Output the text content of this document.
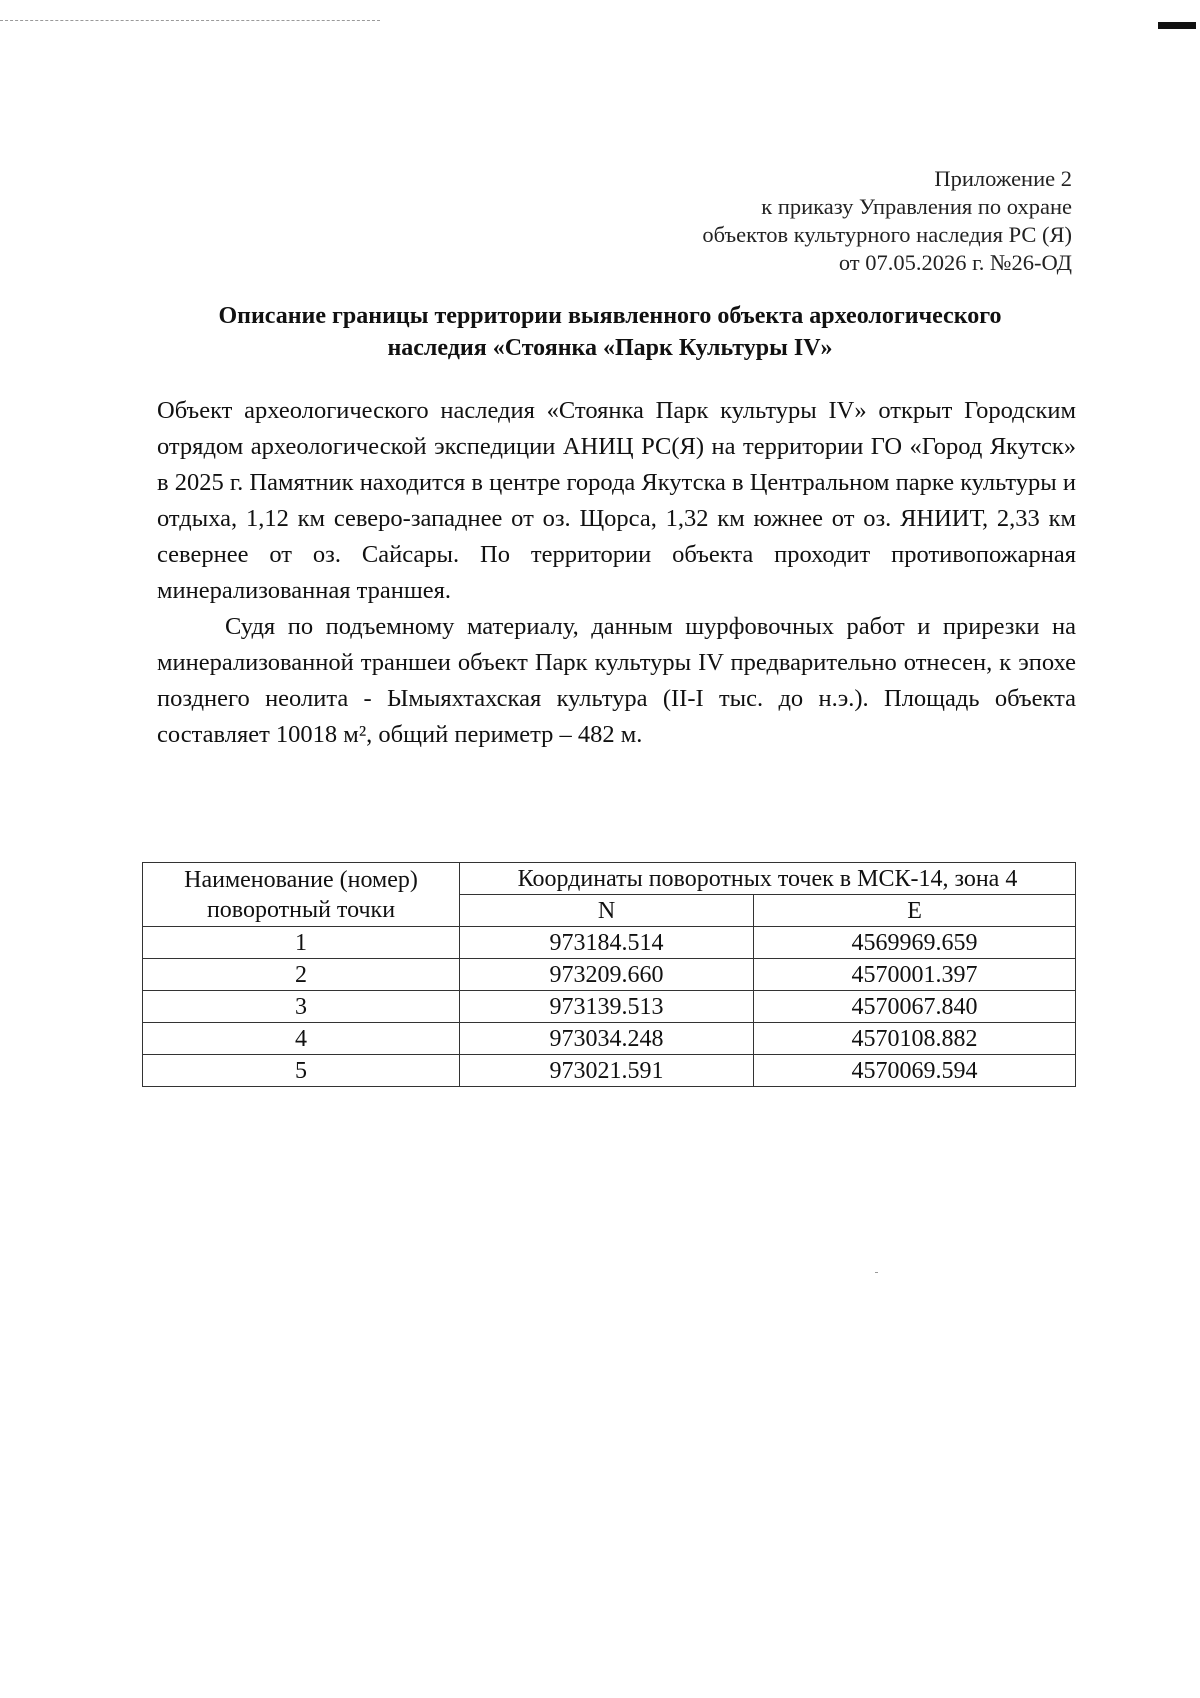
Приложение 2
к приказу Управления по охране
объектов культурного наследия РС (Я)
от 07.05.2026 г. №26-ОД
Описание границы территории выявленного объекта археологического
наследия «Стоянка «Парк Культуры IV»

Объект археологического наследия «Стоянка Парк культуры IV» открыт Городским отрядом археологической экспедиции АНИЦ РС(Я) на территории ГО «Город Якутск» в 2025 г. Памятник находится в центре города Якутска в Центральном парке культуры и отдыха, 1,12 км северо-западнее от оз. Щорса, 1,32 км южнее от оз. ЯНИИТ, 2,33 км севернее от оз. Сайсары. По территории объекта проходит противопожарная минерализованная траншея.

Судя по подъемному материалу, данным шурфовочных работ и прирезки на минерализованной траншеи объект Парк культуры IV предварительно отнесен, к эпохе позднего неолита - Ымыяхтахская культура (II-I тыс. до н.э.). Площадь объекта составляет 10018 м², общий периметр – 482 м.

Наименование (номер)
поворотный точки	Координаты поворотных точек в МСК-14, зона 4	
	N	E
1	973184.514	4569969.659
2	973209.660	4570001.397
3	973139.513	4570067.840
4	973034.248	4570108.882
5	973021.591	4570069.594
